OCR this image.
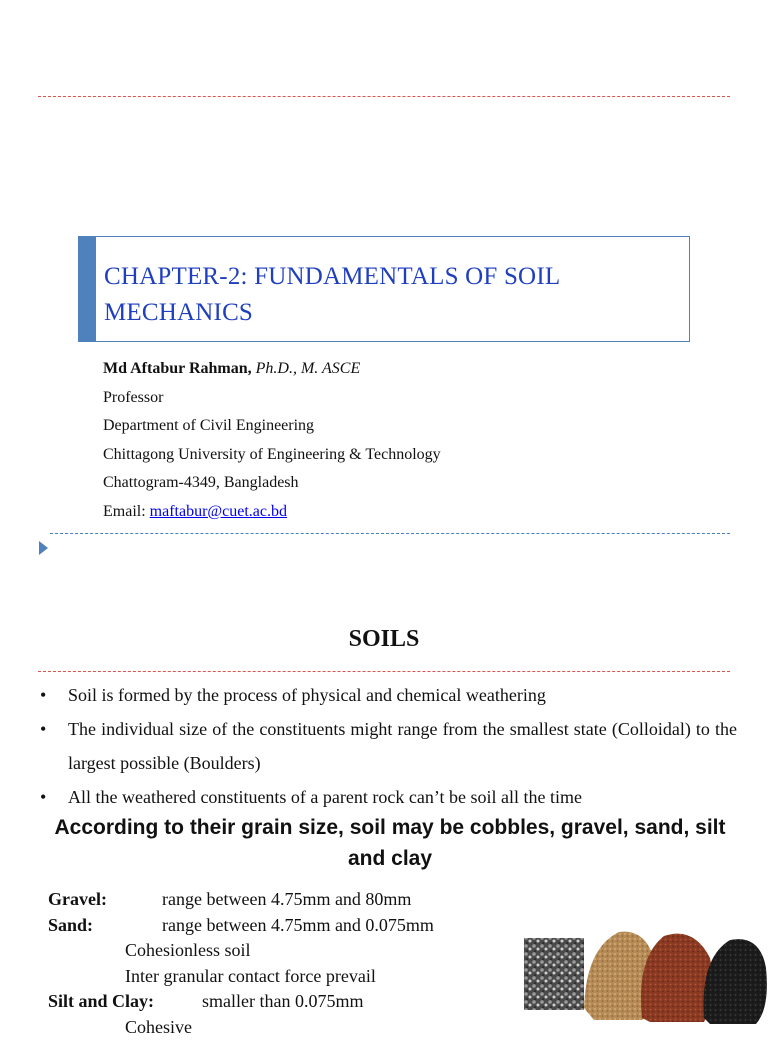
CHAPTER-2: FUNDAMENTALS OF SOIL MECHANICS
Md Aftabur Rahman, Ph.D., M. ASCE
Professor
Department of Civil Engineering
Chittagong University of Engineering & Technology
Chattogram-4349, Bangladesh
Email: maftabur@cuet.ac.bd
SOILS
• Soil is formed by the process of physical and chemical weathering
• The individual size of the constituents might range from the smallest state (Colloidal) to the largest possible (Boulders)
• All the weathered constituents of a parent rock can’t be soil all the time
According to their grain size, soil may be cobbles, gravel, sand, silt and clay
Gravel:	range between 4.75mm and 80mm
Sand:	range between 4.75mm and 0.075mm
Cohesionless soil
Inter granular contact force prevail
Silt and Clay:	smaller than 0.075mm
Cohesive
